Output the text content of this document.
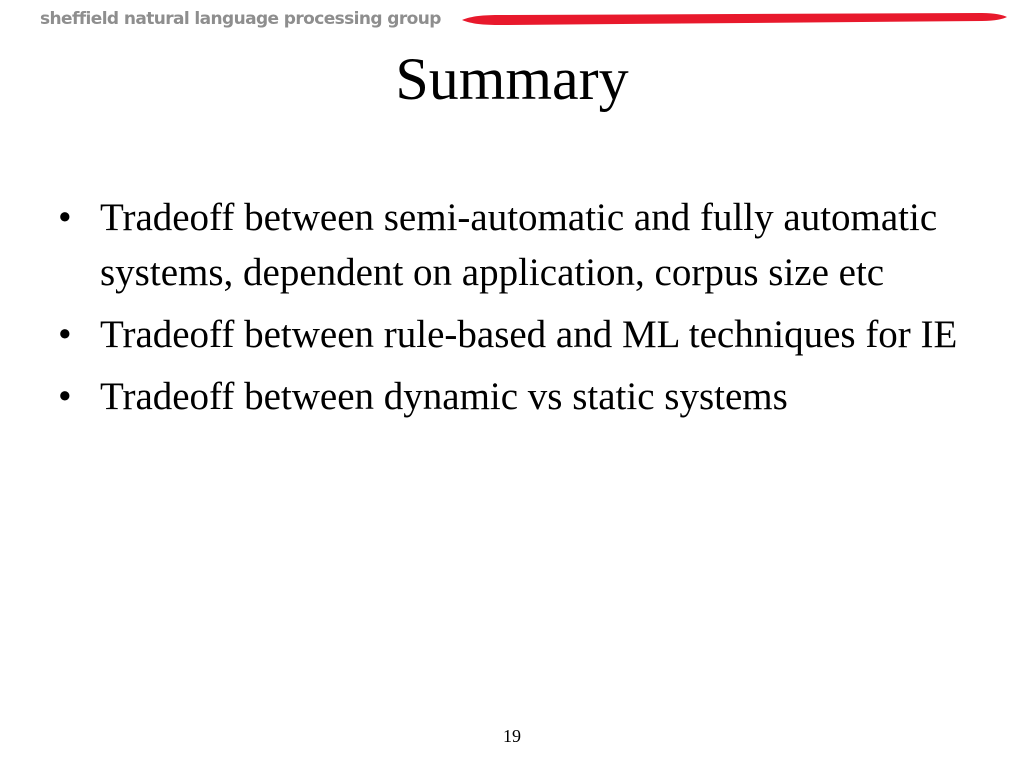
sheffield natural language processing group
Summary
• Tradeoff between semi-automatic and fully automatic systems, dependent on application, corpus size etc
• Tradeoff between rule-based and ML techniques for IE
• Tradeoff between dynamic vs static systems
19
